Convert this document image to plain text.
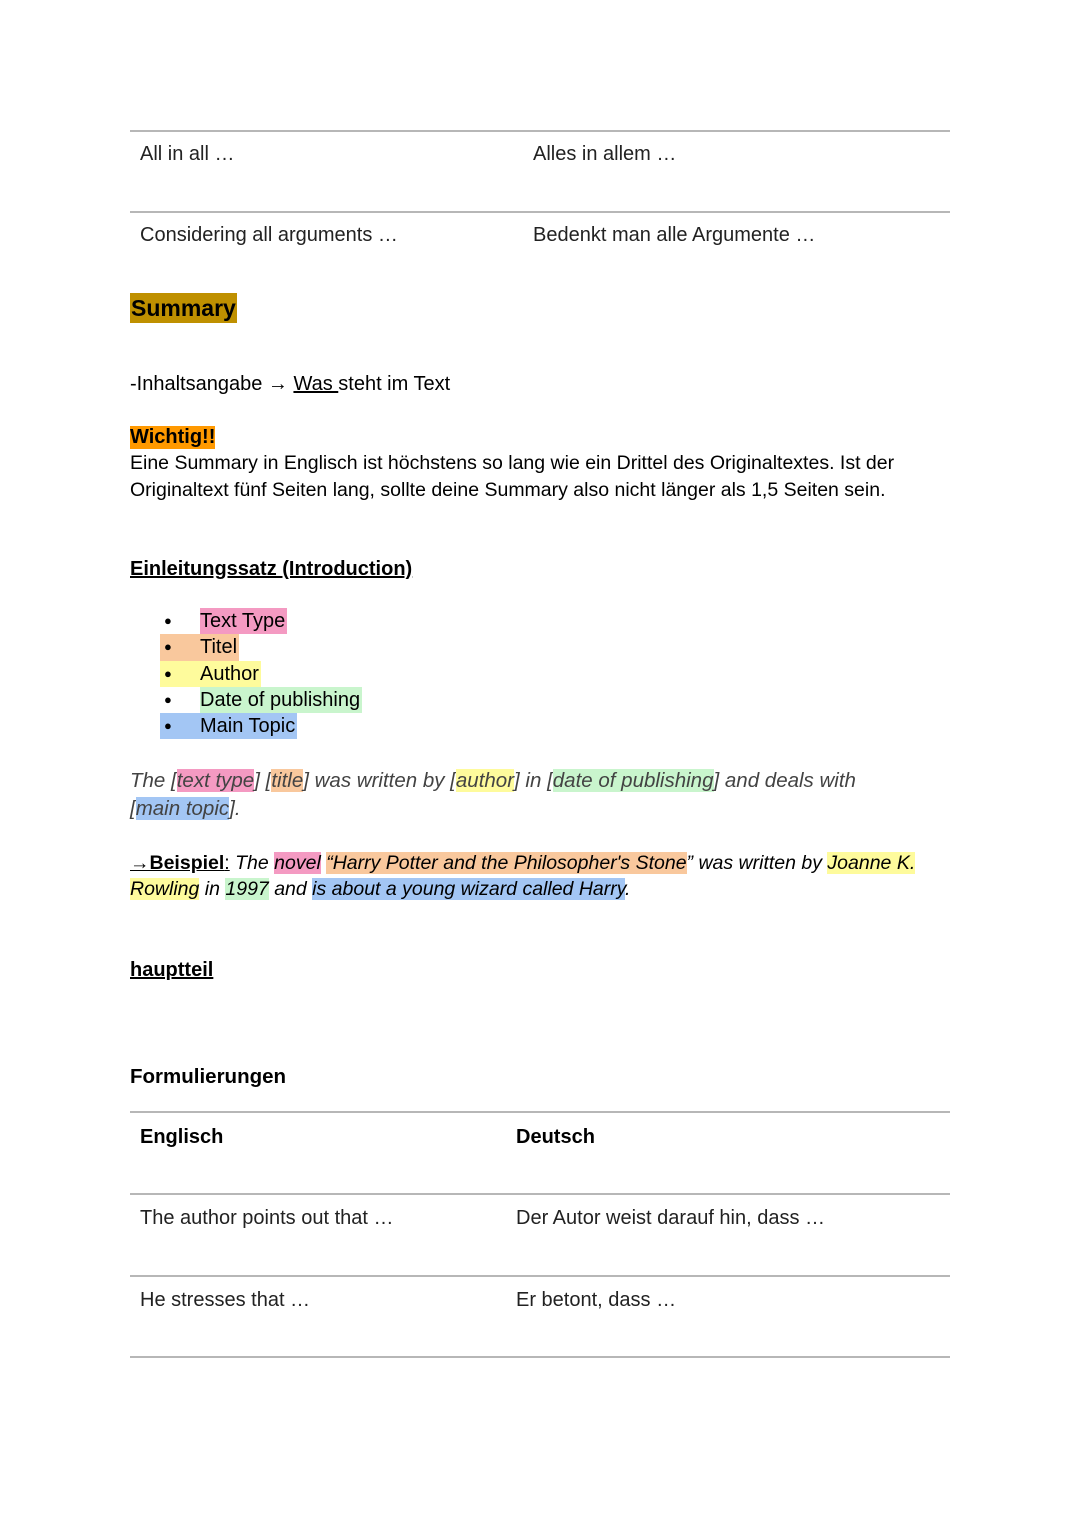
All in all …	Alles in allem …
Considering all arguments …	Bedenkt man alle Argumente …
Summary
-Inhaltsangabe → Was steht im Text
Wichtig!!
Eine Summary in Englisch ist höchstens so lang wie ein Drittel des Originaltextes. Ist der
Originaltext fünf Seiten lang, sollte deine Summary also nicht länger als 1,5 Seiten sein.
Einleitungssatz (Introduction)
●	Text Type
●	Titel
●	Author
●	Date of publishing
●	Main Topic
The [text type] [title] was written by [author] in [date of publishing] and deals with
[main topic].
→Beispiel: The novel “Harry Potter and the Philosopher's Stone” was written by Joanne K.
Rowling in 1997 and is about a young wizard called Harry.
hauptteil
Formulierungen
Englisch	Deutsch
The author points out that …	Der Autor weist darauf hin, dass …
He stresses that …	Er betont, dass …
